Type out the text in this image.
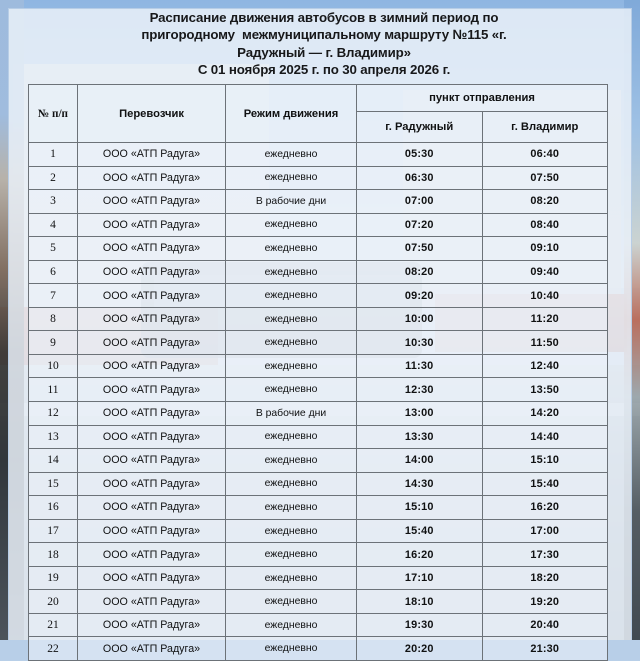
Расписание движения автобусов в зимний период по
пригородному  межмуниципальному маршруту №115 «г.
Радужный — г. Владимир»
С 01 ноября 2025 г. по 30 апреля 2026 г.
№ п/п	Перевозчик	Режим движения	пункт отправления	
			г. Радужный	г. Владимир
1	ООО «АТП Радуга»	ежедневно	05:30	06:40
2	ООО «АТП Радуга»	ежедневно	06:30	07:50
3	ООО «АТП Радуга»	В рабочие дни	07:00	08:20
4	ООО «АТП Радуга»	ежедневно	07:20	08:40
5	ООО «АТП Радуга»	ежедневно	07:50	09:10
6	ООО «АТП Радуга»	ежедневно	08:20	09:40
7	ООО «АТП Радуга»	ежедневно	09:20	10:40
8	ООО «АТП Радуга»	ежедневно	10:00	11:20
9	ООО «АТП Радуга»	ежедневно	10:30	11:50
10	ООО «АТП Радуга»	ежедневно	11:30	12:40
11	ООО «АТП Радуга»	ежедневно	12:30	13:50
12	ООО «АТП Радуга»	В рабочие дни	13:00	14:20
13	ООО «АТП Радуга»	ежедневно	13:30	14:40
14	ООО «АТП Радуга»	ежедневно	14:00	15:10
15	ООО «АТП Радуга»	ежедневно	14:30	15:40
16	ООО «АТП Радуга»	ежедневно	15:10	16:20
17	ООО «АТП Радуга»	ежедневно	15:40	17:00
18	ООО «АТП Радуга»	ежедневно	16:20	17:30
19	ООО «АТП Радуга»	ежедневно	17:10	18:20
20	ООО «АТП Радуга»	ежедневно	18:10	19:20
21	ООО «АТП Радуга»	ежедневно	19:30	20:40
22	ООО «АТП Радуга»	ежедневно	20:20	21:30
